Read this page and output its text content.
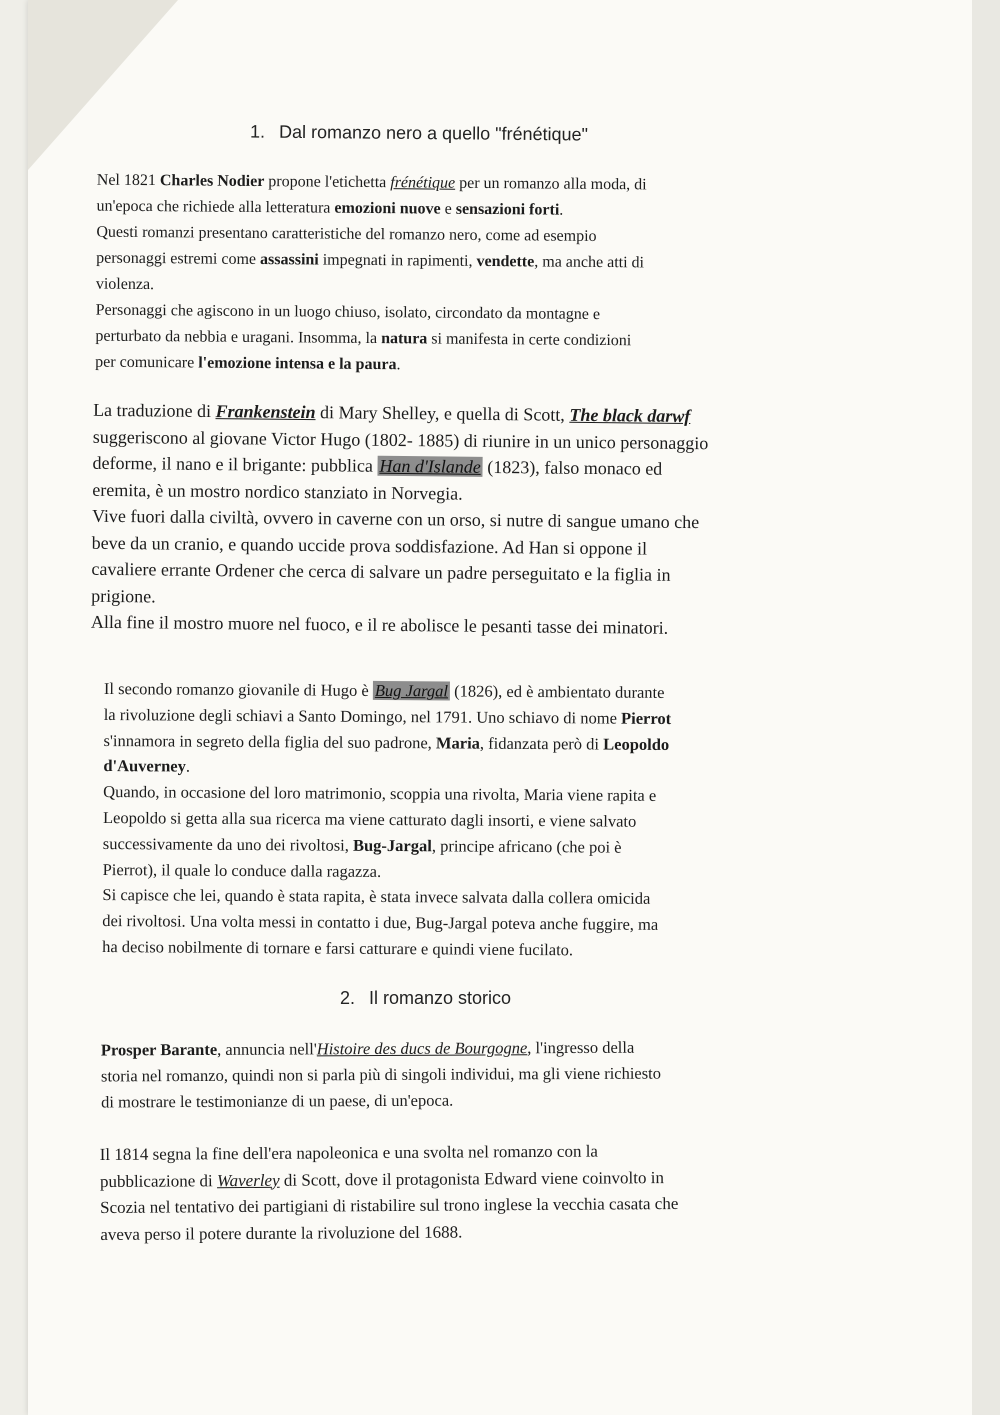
1. Dal romanzo nero a quello "frénétique"
Nel 1821 Charles Nodier propone l'etichetta frénétique per un romanzo alla moda, di
un'epoca che richiede alla letteratura emozioni nuove e sensazioni forti.
Questi romanzi presentano caratteristiche del romanzo nero, come ad esempio
personaggi estremi come assassini impegnati in rapimenti, vendette, ma anche atti di
violenza.
Personaggi che agiscono in un luogo chiuso, isolato, circondato da montagne e
perturbato da nebbia e uragani. Insomma, la natura si manifesta in certe condizioni
per comunicare l'emozione intensa e la paura.
La traduzione di Frankenstein di Mary Shelley, e quella di Scott, The black darwf
suggeriscono al giovane Victor Hugo (1802- 1885) di riunire in un unico personaggio
deforme, il nano e il brigante: pubblica Han d'Islande (1823), falso monaco ed
eremita, è un mostro nordico stanziato in Norvegia.
Vive fuori dalla civiltà, ovvero in caverne con un orso, si nutre di sangue umano che
beve da un cranio, e quando uccide prova soddisfazione. Ad Han si oppone il
cavaliere errante Ordener che cerca di salvare un padre perseguitato e la figlia in
prigione.
Alla fine il mostro muore nel fuoco, e il re abolisce le pesanti tasse dei minatori.
Il secondo romanzo giovanile di Hugo è Bug Jargal (1826), ed è ambientato durante
la rivoluzione degli schiavi a Santo Domingo, nel 1791. Uno schiavo di nome Pierrot
s'innamora in segreto della figlia del suo padrone, Maria, fidanzata però di Leopoldo
d'Auverney.
Quando, in occasione del loro matrimonio, scoppia una rivolta, Maria viene rapita e
Leopoldo si getta alla sua ricerca ma viene catturato dagli insorti, e viene salvato
successivamente da uno dei rivoltosi, Bug-Jargal, principe africano (che poi è
Pierrot), il quale lo conduce dalla ragazza.
Si capisce che lei, quando è stata rapita, è stata invece salvata dalla collera omicida
dei rivoltosi. Una volta messi in contatto i due, Bug-Jargal poteva anche fuggire, ma
ha deciso nobilmente di tornare e farsi catturare e quindi viene fucilato.
2. Il romanzo storico
Prosper Barante, annuncia nell'Histoire des ducs de Bourgogne, l'ingresso della
storia nel romanzo, quindi non si parla più di singoli individui, ma gli viene richiesto
di mostrare le testimonianze di un paese, di un'epoca.
Il 1814 segna la fine dell'era napoleonica e una svolta nel romanzo con la
pubblicazione di Waverley di Scott, dove il protagonista Edward viene coinvolto in
Scozia nel tentativo dei partigiani di ristabilire sul trono inglese la vecchia casata che
aveva perso il potere durante la rivoluzione del 1688.
